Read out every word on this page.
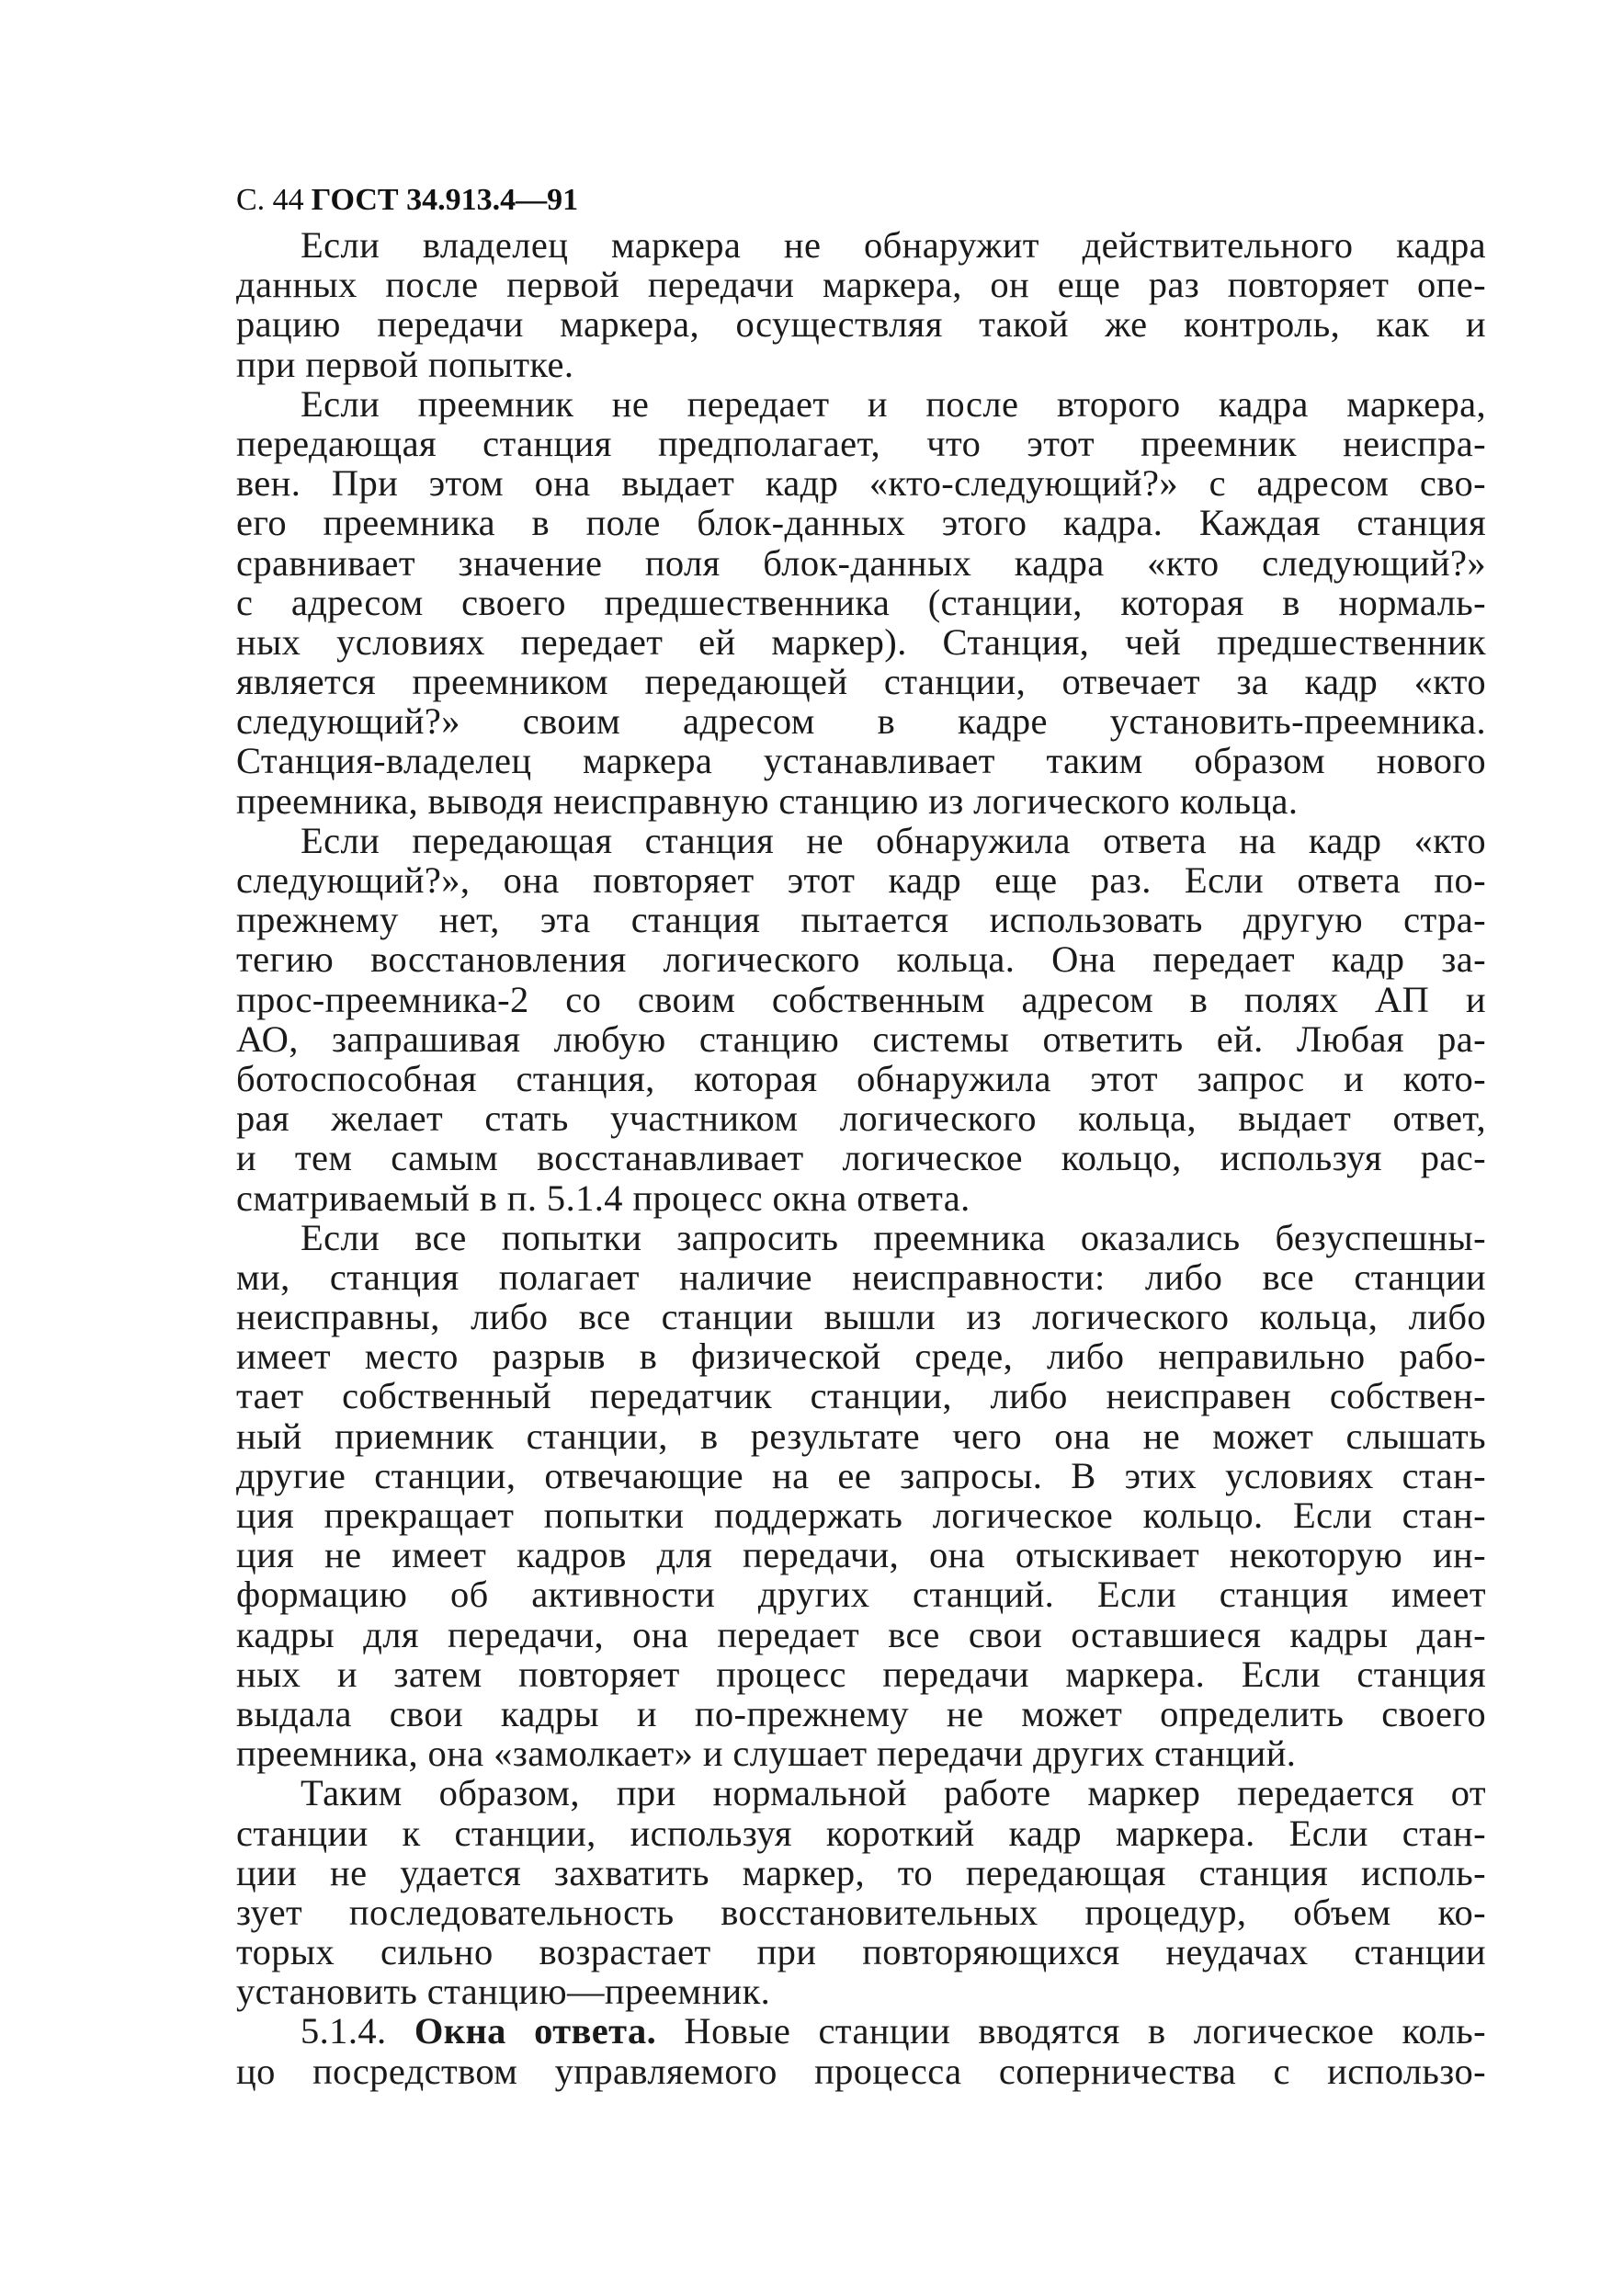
С. 44 ГОСТ 34.913.4—91
Если владелец маркера не обнаружит действительного кадра
данных после первой передачи маркера, он еще раз повторяет опе-
рацию передачи маркера, осуществляя такой же контроль, как и
при первой попытке.
Если преемник не передает и после второго кадра маркера,
передающая станция предполагает, что этот преемник неиспра-
вен. При этом она выдает кадр «кто-следующий?» с адресом сво-
его преемника в поле блок-данных этого кадра. Каждая станция
сравнивает значение поля блок-данных кадра «кто следующий?»
с адресом своего предшественника (станции, которая в нормаль-
ных условиях передает ей маркер). Станция, чей предшественник
является преемником передающей станции, отвечает за кадр «кто
следующий?» своим адресом в кадре установить-преемника.
Станция-владелец маркера устанавливает таким образом нового
преемника, выводя неисправную станцию из логического кольца.
Если передающая станция не обнаружила ответа на кадр «кто
следующий?», она повторяет этот кадр еще раз. Если ответа по-
прежнему нет, эта станция пытается использовать другую стра-
тегию восстановления логического кольца. Она передает кадр за-
прос-преемника-2 со своим собственным адресом в полях АП и
АО, запрашивая любую станцию системы ответить ей. Любая ра-
ботоспособная станция, которая обнаружила этот запрос и кото-
рая желает стать участником логического кольца, выдает ответ,
и тем самым восстанавливает логическое кольцо, используя рас-
сматриваемый в п. 5.1.4 процесс окна ответа.
Если все попытки запросить преемника оказались безуспешны-
ми, станция полагает наличие неисправности: либо все станции
неисправны, либо все станции вышли из логического кольца, либо
имеет место разрыв в физической среде, либо неправильно рабо-
тает собственный передатчик станции, либо неисправен собствен-
ный приемник станции, в результате чего она не может слышать
другие станции, отвечающие на ее запросы. В этих условиях стан-
ция прекращает попытки поддержать логическое кольцо. Если стан-
ция не имеет кадров для передачи, она отыскивает некоторую ин-
формацию об активности других станций. Если станция имеет
кадры для передачи, она передает все свои оставшиеся кадры дан-
ных и затем повторяет процесс передачи маркера. Если станция
выдала свои кадры и по-прежнему не может определить своего
преемника, она «замолкает» и слушает передачи других станций.
Таким образом, при нормальной работе маркер передается от
станции к станции, используя короткий кадр маркера. Если стан-
ции не удается захватить маркер, то передающая станция исполь-
зует последовательность восстановительных процедур, объем ко-
торых сильно возрастает при повторяющихся неудачах станции
установить станцию—преемник.
5.1.4. Окна ответа. Новые станции вводятся в логическое коль-
цо посредством управляемого процесса соперничества с использо-
